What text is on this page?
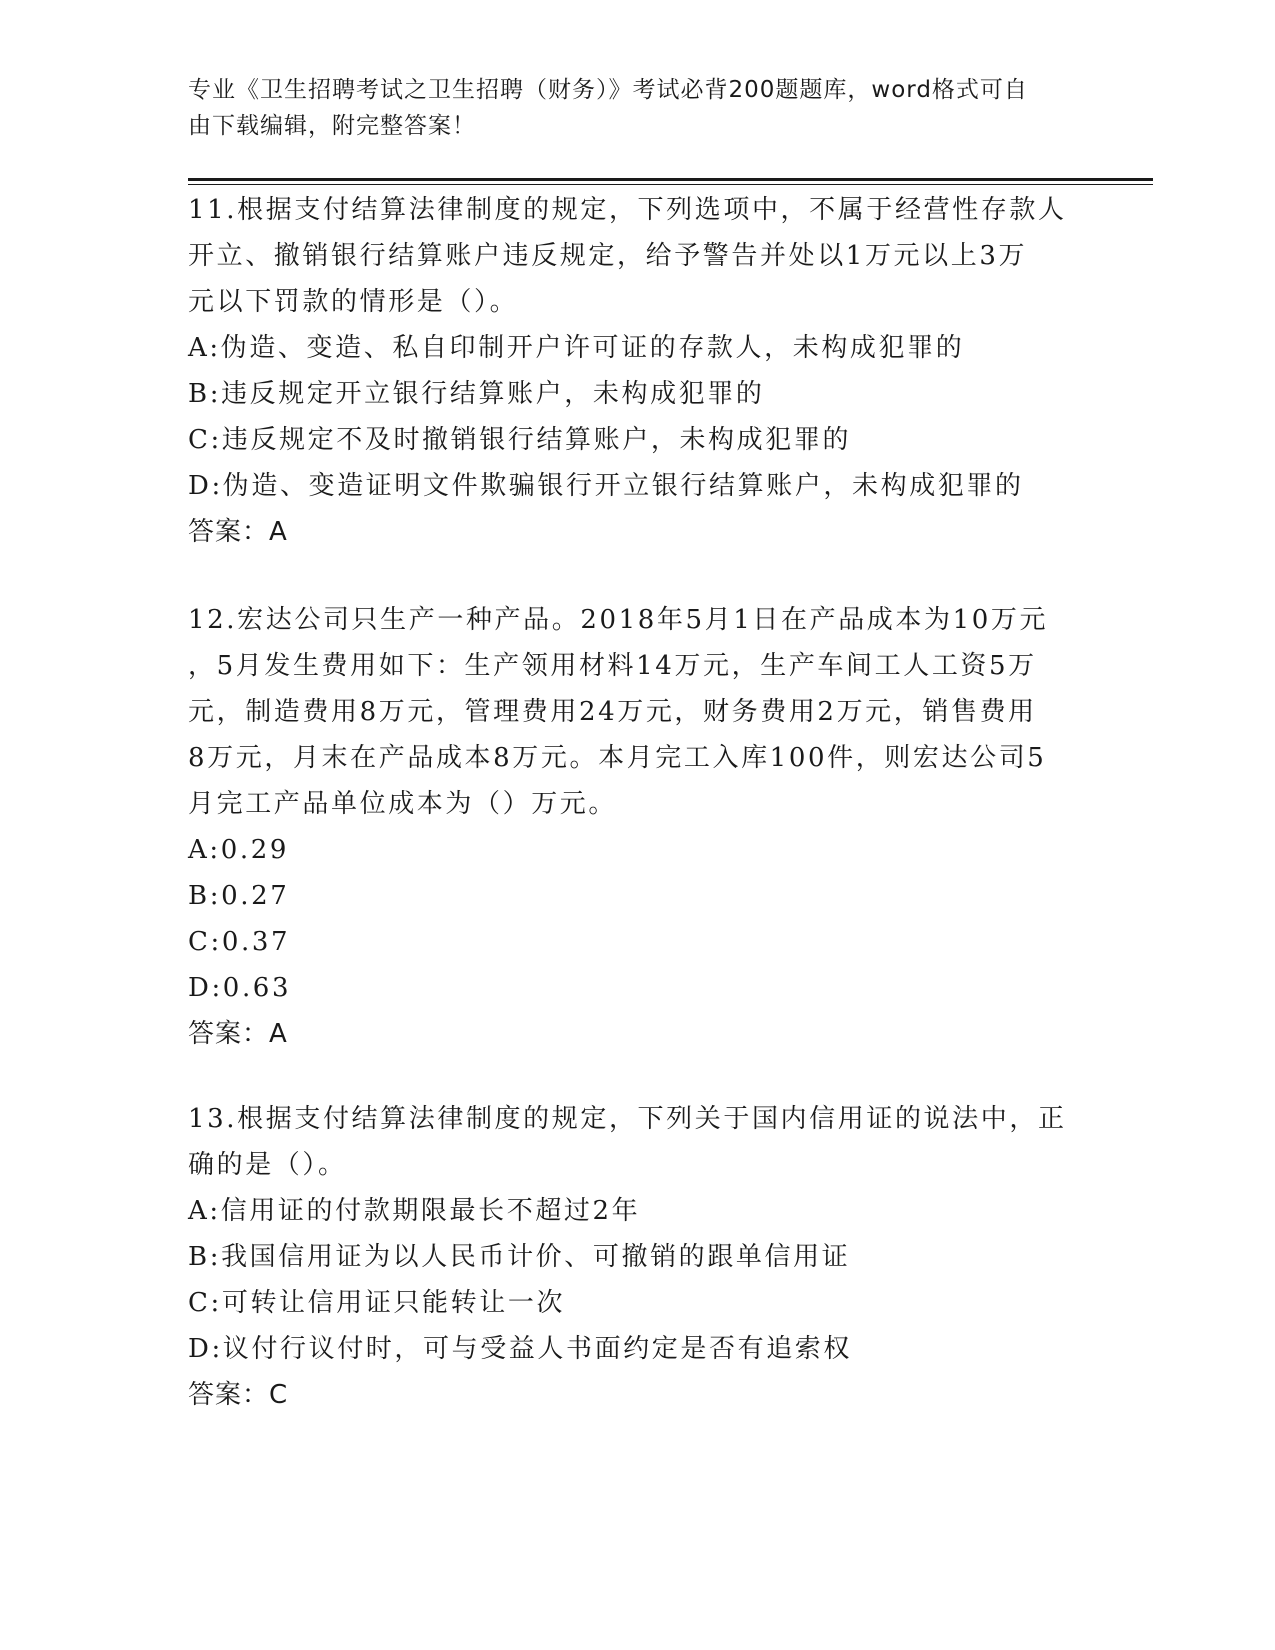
专业《卫生招聘考试之卫生招聘（财务）》考试必背200题题库，word格式可自
由下载编辑，附完整答案！

11.根据支付结算法律制度的规定，下列选项中，不属于经营性存款人

开立、撤销银行结算账户违反规定，给予警告并处以1万元以上3万

元以下罚款的情形是（）。

A:伪造、变造、私自印制开户许可证的存款人，未构成犯罪的

B:违反规定开立银行结算账户，未构成犯罪的

C:违反规定不及时撤销银行结算账户，未构成犯罪的

D:伪造、变造证明文件欺骗银行开立银行结算账户，未构成犯罪的

答案：A

12.宏达公司只生产一种产品。2018年5月1日在产品成本为10万元

，5月发生费用如下：生产领用材料14万元，生产车间工人工资5万

元，制造费用8万元，管理费用24万元，财务费用2万元，销售费用

8万元，月末在产品成本8万元。本月完工入库100件，则宏达公司5

月完工产品单位成本为（）万元。

A:0.29

B:0.27

C:0.37

D:0.63

答案：A

13.根据支付结算法律制度的规定，下列关于国内信用证的说法中，正

确的是（）。

A:信用证的付款期限最长不超过2年

B:我国信用证为以人民币计价、可撤销的跟单信用证

C:可转让信用证只能转让一次

D:议付行议付时，可与受益人书面约定是否有追索权

答案：C
